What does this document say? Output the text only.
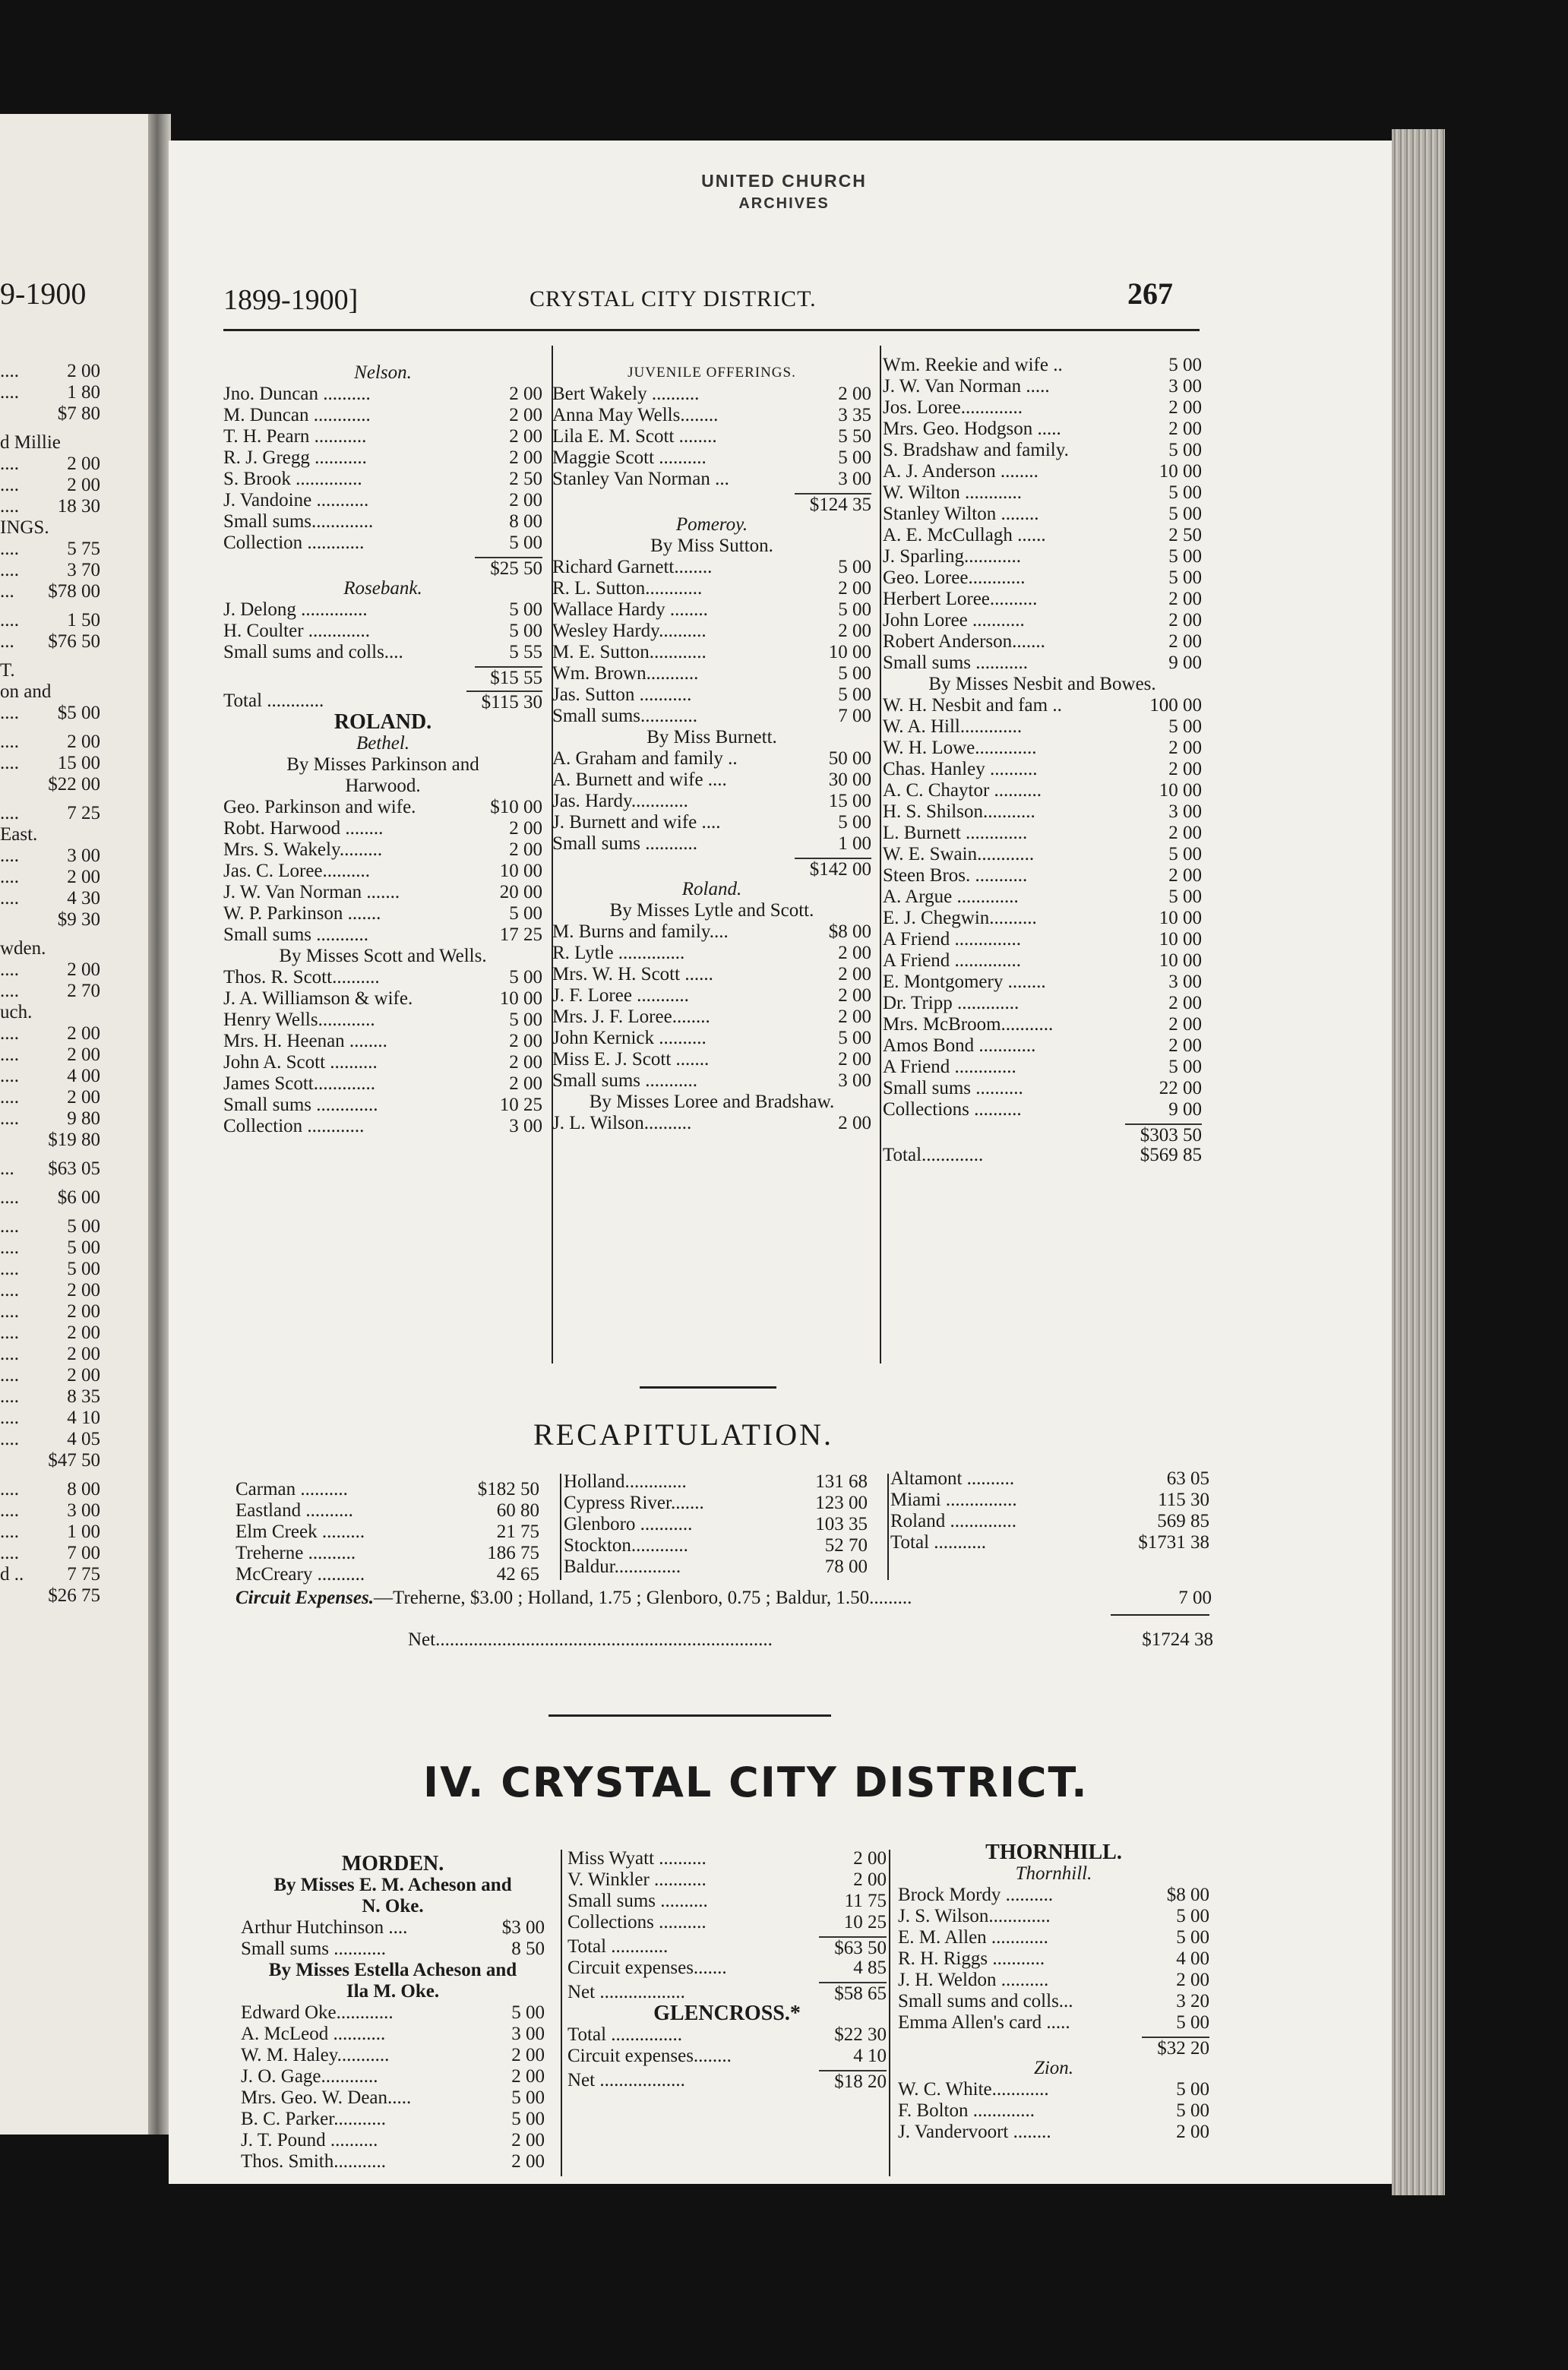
9-1900
....	2 00
....	1 80
$7 80
d Millie
....	2 00
....	2 00
.... 18 30
INGS.
....	5 75
....	3 70
... $78 00
....	1 50
... $76 50
T.
on and
.... $5 00
....	2 00
.... 15 00
$22 00
....	7 25
East.
....	3 00
....	2 00
....	4 30
$9 30
wden.
....	2 00
....	2 70
uch.
....	2 00
....	2 00
....	4 00
....	2 00
....	9 80
$19 80
... $63 05
.... $6 00
....	5 00
....	5 00
....	5 00
....	2 00
....	2 00
....	2 00
....	2 00
....	2 00
....	8 35
....	4 10
....	4 05
$47 50
....	8 00
....	3 00
....	1 00
....	7 00
d .. 7 75
$26 75
UNITED CHURCH
ARCHIVES
1899-1900]	CRYSTAL CITY DISTRICT.	267
Nelson.
Jno. Duncan ..........	2 00
M. Duncan ............	2 00
T. H. Pearn ...........	2 00
R. J. Gregg ...........	2 00
S. Brook ..............	2 50
J. Vandoine ...........	2 00
Small sums.............	8 00
Collection ............	5 00
$25 50
Rosebank.
J. Delong ..............	5 00
H. Coulter .............	5 00
Small sums and colls....	5 55
$15 55
Total ............	$115 30
ROLAND.
Bethel.
By Misses Parkinson and
Harwood.
Geo. Parkinson and wife.	$10 00
Robt. Harwood ........	2 00
Mrs. S. Wakely.........	2 00
Jas. C. Loree..........	10 00
J. W. Van Norman .......	20 00
W. P. Parkinson .......	5 00
Small sums ...........	17 25
By Misses Scott and Wells.
Thos. R. Scott..........	5 00
J. A. Williamson & wife.	10 00
Henry Wells............	5 00
Mrs. H. Heenan ........	2 00
John A. Scott ..........	2 00
James Scott.............	2 00
Small sums .............	10 25
Collection ............	3 00
JUVENILE OFFERINGS.
Bert Wakely ..........	2 00
Anna May Wells........	3 35
Lila E. M. Scott ........	5 50
Maggie Scott ..........	5 00
Stanley Van Norman ...	3 00
$124 35
Pomeroy.
By Miss Sutton.
Richard Garnett........	5 00
R. L. Sutton............	2 00
Wallace Hardy ........	5 00
Wesley Hardy..........	2 00
M. E. Sutton............	10 00
Wm. Brown...........	5 00
Jas. Sutton ...........	5 00
Small sums............	7 00
By Miss Burnett.
A. Graham and family ..	50 00
A. Burnett and wife ....	30 00
Jas. Hardy............	15 00
J. Burnett and wife ....	5 00
Small sums ...........	1 00
$142 00
Roland.
By Misses Lytle and Scott.
M. Burns and family....	$8 00
R. Lytle ..............	2 00
Mrs. W. H. Scott ......	2 00
J. F. Loree ...........	2 00
Mrs. J. F. Loree........	2 00
John Kernick ..........	5 00
Miss E. J. Scott .......	2 00
Small sums ...........	3 00
By Misses Loree and Bradshaw.
J. L. Wilson..........	2 00
Wm. Reekie and wife ..	5 00
J. W. Van Norman .....	3 00
Jos. Loree.............	2 00
Mrs. Geo. Hodgson .....	2 00
S. Bradshaw and family.	5 00
A. J. Anderson ........	10 00
W. Wilton ............	5 00
Stanley Wilton ........	5 00
A. E. McCullagh ......	2 50
J. Sparling............	5 00
Geo. Loree............	5 00
Herbert Loree..........	2 00
John Loree ...........	2 00
Robert Anderson.......	2 00
Small sums ...........	9 00
By Misses Nesbit and Bowes.
W. H. Nesbit and fam ..	100 00
W. A. Hill.............	5 00
W. H. Lowe.............	2 00
Chas. Hanley ..........	2 00
A. C. Chaytor ..........	10 00
H. S. Shilson...........	3 00
L. Burnett .............	2 00
W. E. Swain............	5 00
Steen Bros. ...........	2 00
A. Argue .............	5 00
E. J. Chegwin..........	10 00
A Friend ..............	10 00
A Friend ..............	10 00
E. Montgomery ........	3 00
Dr. Tripp .............	2 00
Mrs. McBroom...........	2 00
Amos Bond ............	2 00
A Friend .............	5 00
Small sums ..........	22 00
Collections ..........	9 00
$303 50
Total.............	$569 85
RECAPITULATION.
Carman ..........	$182 50
Eastland ..........	60 80
Elm Creek .........	21 75
Treherne ..........	186 75
McCreary ..........	42 65
Holland.............	131 68
Cypress River.......	123 00
Glenboro ...........	103 35
Stockton............	52 70
Baldur..............	78 00
Altamont ..........	63 05
Miami ...............	115 30
Roland ..............	569 85
Total ...........	$1731 38
Circuit Expenses.—Treherne, $3.00 ; Holland, 1.75 ; Glenboro, 0.75 ; Baldur, 1.50.........	7 00
Net.......................................................................	$1724 38
IV. CRYSTAL CITY DISTRICT.
MORDEN.
By Misses E. M. Acheson and
N. Oke.
Arthur Hutchinson ....	$3 00
Small sums ...........	8 50
By Misses Estella Acheson and
Ila M. Oke.
Edward Oke............	5 00
A. McLeod ...........	3 00
W. M. Haley...........	2 00
J. O. Gage............	2 00
Mrs. Geo. W. Dean.....	5 00
B. C. Parker...........	5 00
J. T. Pound ..........	2 00
Thos. Smith...........	2 00
Miss Wyatt ..........	2 00
V. Winkler ...........	2 00
Small sums ..........	11 75
Collections ..........	10 25
Total ............	$63 50
Circuit expenses.......	4 85
Net ..................	$58 65
GLENCROSS.*
Total ...............	$22 30
Circuit expenses........	4 10
Net ..................	$18 20
THORNHILL.
Thornhill.
Brock Mordy ..........	$8 00
J. S. Wilson.............	5 00
E. M. Allen ............	5 00
R. H. Riggs ...........	4 00
J. H. Weldon ..........	2 00
Small sums and colls...	3 20
Emma Allen's card .....	5 00
$32 20
Zion.
W. C. White............	5 00
F. Bolton .............	5 00
J. Vandervoort ........	2 00
